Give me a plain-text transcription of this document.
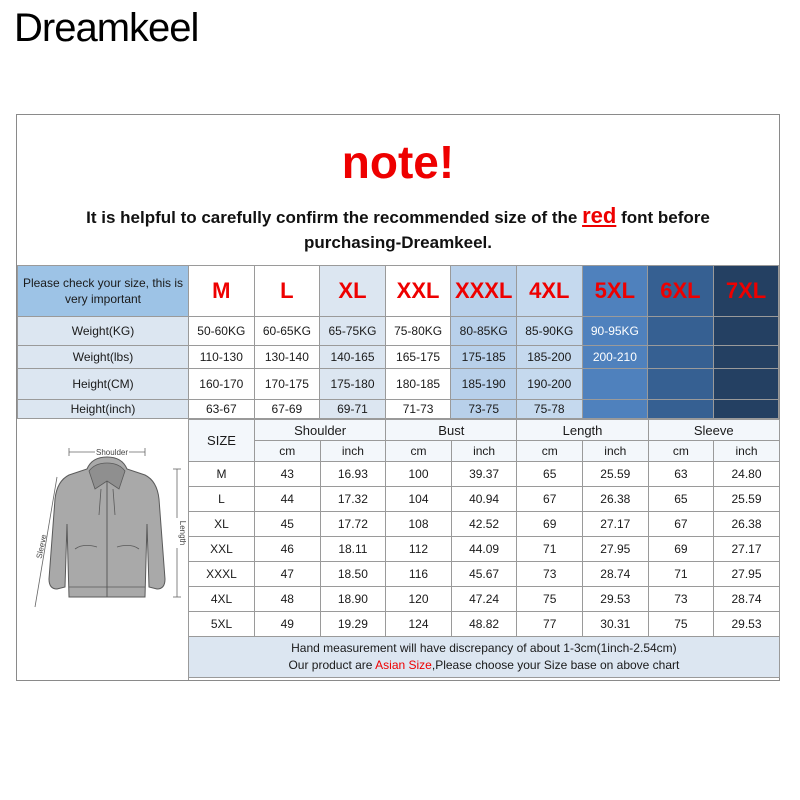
Dreamkeel
note!
It is helpful to carefully confirm the recommended size of the red font before
purchasing-Dreamkeel.
Please check your size, this is very important	M	L	XL	XXL	XXXL	4XL	5XL	6XL	7XL
Weight(KG)	50-60KG	60-65KG	65-75KG	75-80KG	80-85KG	85-90KG	90-95KG		
Weight(lbs)	110-130	130-140	140-165	165-175	175-185	185-200	200-210		
Height(CM)	160-170	170-175	175-180	180-185	185-190	190-200			
Height(inch)	63-67	67-69	69-71	71-73	73-75	75-78			
Shoulder
Sleeve
Length
SIZE	Shoulder		Bust		Length		Sleeve	
	cm	inch	cm	inch	cm	inch	cm	inch
M	43	16.93	100	39.37	65	25.59	63	24.80
L	44	17.32	104	40.94	67	26.38	65	25.59
XL	45	17.72	108	42.52	69	27.17	67	26.38
XXL	46	18.11	112	44.09	71	27.95	69	27.17
XXXL	47	18.50	116	45.67	73	28.74	71	27.95
4XL	48	18.90	120	47.24	75	29.53	73	28.74
5XL	49	19.29	124	48.82	77	30.31	75	29.53

Hand measurement will have discrepancy of about 1-3cm(1inch-2.54cm)
Our product are Asian Size,Please choose your Size base on above chart								
